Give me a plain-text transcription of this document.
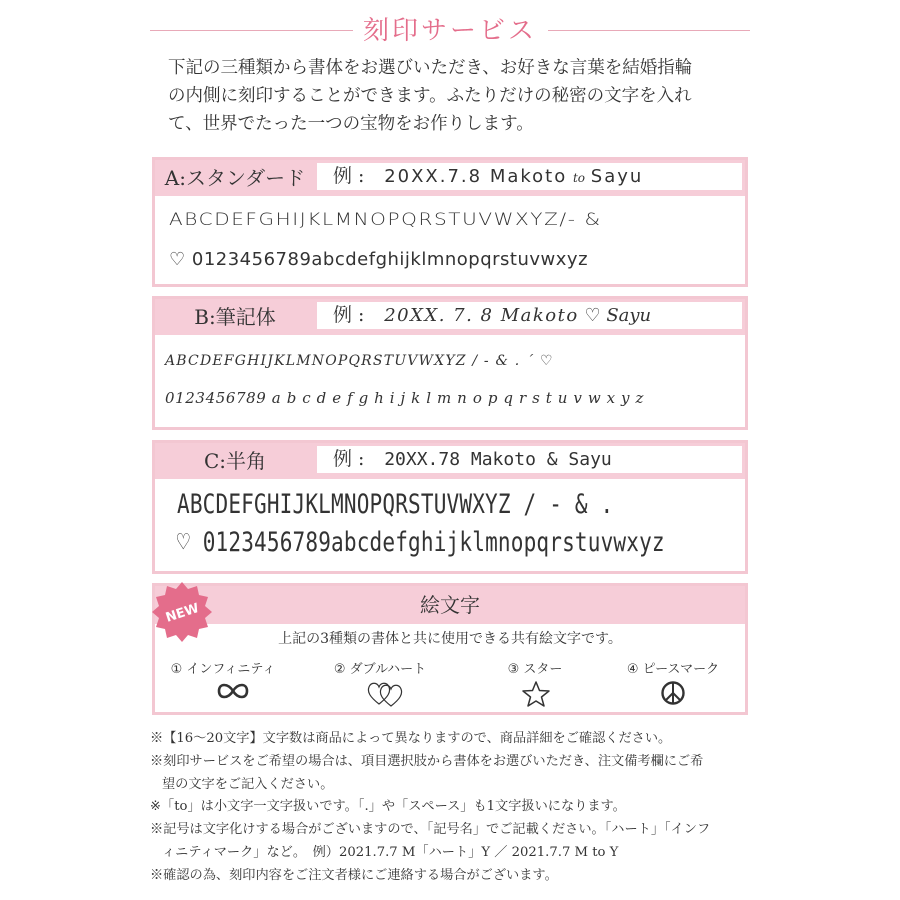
刻印サービス
下記の三種類から書体をお選びいただき、お好きな言葉を結婚指輪
の内側に刻印することができます。ふたりだけの秘密の文字を入れ
て、世界でたった一つの宝物をお作りします。
A:スタンダード	例 : 20XX.7.8 Makoto to Sayu
ABCDEFGHIJKLMNOPQRSTUVWXYZ/- &
♡ 0123456789abcdefghijklmnopqrstuvwxyz
B:筆記体	例 : 20XX. 7. 8 Makoto ♡ Sayu
ABCDEFGHIJKLMNOPQRSTUVWXYZ / - & . ´ ♡
0123456789 a b c d e f g h i j k l m n o p q r s t u v w x y z
C:半角	例 : 20XX.78 Makoto & Sayu
ABCDEFGHIJKLMNOPQRSTUVWXYZ / - & .
♡ 0123456789abcdefghijklmnopqrstuvwxyz
絵文字
上記の3種類の書体と共に使用できる共有絵文字です。
① インフィニティ	② ダブルハート	③ スター	④ ピースマーク
NEW

※【16～20文字】文字数は商品によって異なりますので、商品詳細をご確認ください。

※刻印サービスをご希望の場合は、項目選択肢から書体をお選びいただき、注文備考欄にご希

望の文字をご記入ください。

※「to」は小文字一文字扱いです。「.」や「スペース」も1文字扱いになります。

※記号は文字化けする場合がございますので、「記号名」でご記載ください。「ハート」「インフ

ィニティマーク」など。　例）2021.7.7 M「ハート」Y ／ 2021.7.7 M to Y

※確認の為、刻印内容をご注文者様にご連絡する場合がございます。
